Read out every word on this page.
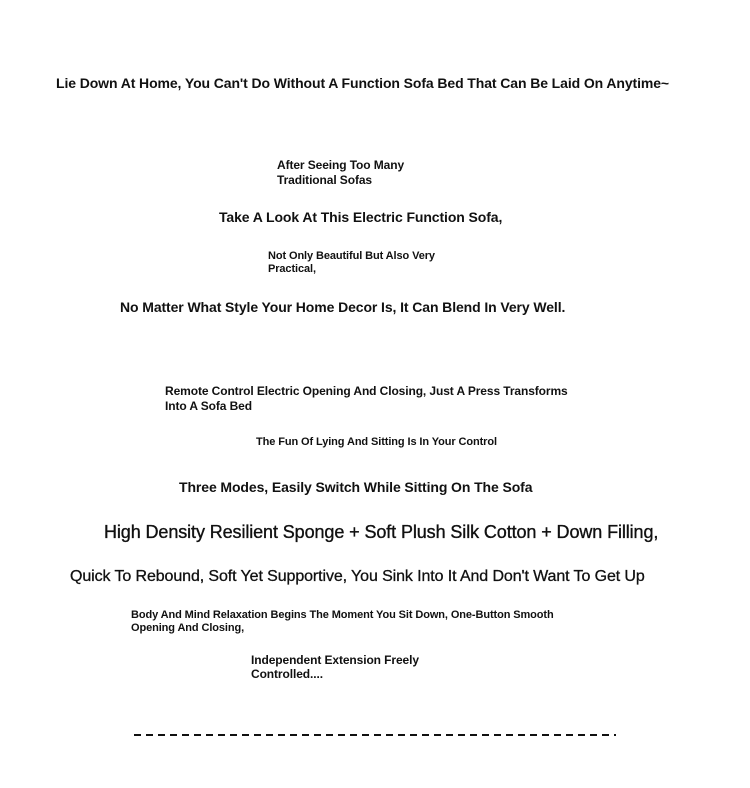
Lie Down At Home, You Can't Do Without A Function Sofa Bed That Can Be Laid On Anytime~

After Seeing Too Many Traditional Sofas

Take A Look At This Electric Function Sofa,

Not Only Beautiful But Also Very Practical,

No Matter What Style Your Home Decor Is, It Can Blend In Very Well.

Remote Control Electric Opening And Closing, Just A Press Transforms Into A Sofa Bed

The Fun Of Lying And Sitting Is In Your Control

Three Modes, Easily Switch While Sitting On The Sofa

High Density Resilient Sponge + Soft Plush Silk Cotton + Down Filling,

Quick To Rebound, Soft Yet Supportive, You Sink Into It And Don't Want To Get Up

Body And Mind Relaxation Begins The Moment You Sit Down, One-Button Smooth Opening And Closing,

Independent Extension Freely Controlled....
